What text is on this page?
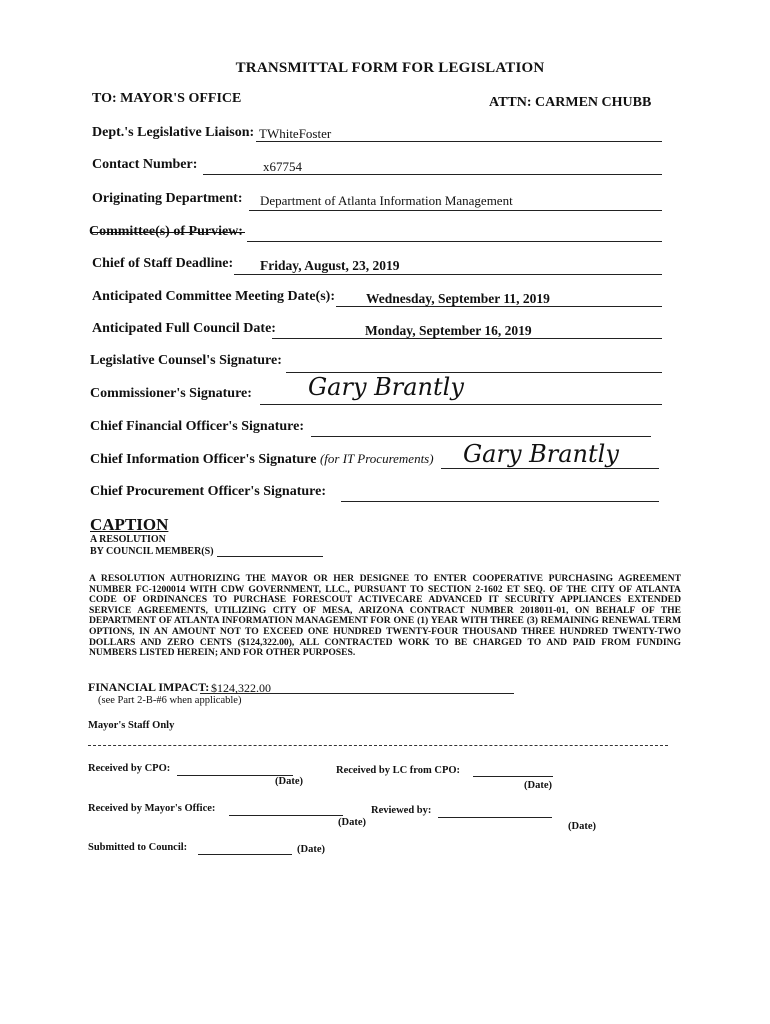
TRANSMITTAL FORM FOR LEGISLATION
TO: MAYOR'S OFFICE	ATTN: CARMEN CHUBB
Dept.'s Legislative Liaison: TWhiteFoster
Contact Number:	x67754
Originating Department: Department of Atlanta Information Management
Committee(s) of Purview:
Chief of Staff Deadline: Friday, August, 23, 2019
Anticipated Committee Meeting Date(s): Wednesday, September 11, 2019
Anticipated Full Council Date:	Monday, September 16, 2019
Legislative Counsel's Signature:
Commissioner's Signature: Gary Brantly
Chief Financial Officer's Signature:
Chief Information Officer's Signature (for IT Procurements) Gary Brantly
Chief Procurement Officer's Signature:
CAPTION
A RESOLUTION
BY COUNCIL MEMBER(S)
A RESOLUTION AUTHORIZING THE MAYOR OR HER DESIGNEE TO ENTER COOPERATIVE PURCHASING AGREEMENT NUMBER FC-1200014 WITH CDW GOVERNMENT, LLC., PURSUANT TO SECTION 2-1602 ET SEQ. OF THE CITY OF ATLANTA CODE OF ORDINANCES TO PURCHASE FORESCOUT ACTIVECARE ADVANCED IT SECURITY APPLIANCES EXTENDED SERVICE AGREEMENTS, UTILIZING CITY OF MESA, ARIZONA CONTRACT NUMBER 2018011-01, ON BEHALF OF THE DEPARTMENT OF ATLANTA INFORMATION MANAGEMENT FOR ONE (1) YEAR WITH THREE (3) REMAINING RENEWAL TERM OPTIONS, IN AN AMOUNT NOT TO EXCEED ONE HUNDRED TWENTY-FOUR THOUSAND THREE HUNDRED TWENTY-TWO DOLLARS AND ZERO CENTS ($124,322.00), ALL CONTRACTED WORK TO BE CHARGED TO AND PAID FROM FUNDING NUMBERS LISTED HEREIN; AND FOR OTHER PURPOSES.
FINANCIAL IMPACT: $124,322.00
(see Part 2-B-#6 when applicable)
Mayor's Staff Only
Received by CPO:
(Date)
Received by LC from CPO:
(Date)
Received by Mayor's Office:
(Date)
Reviewed by:
(Date)
Submitted to Council:	(Date)
